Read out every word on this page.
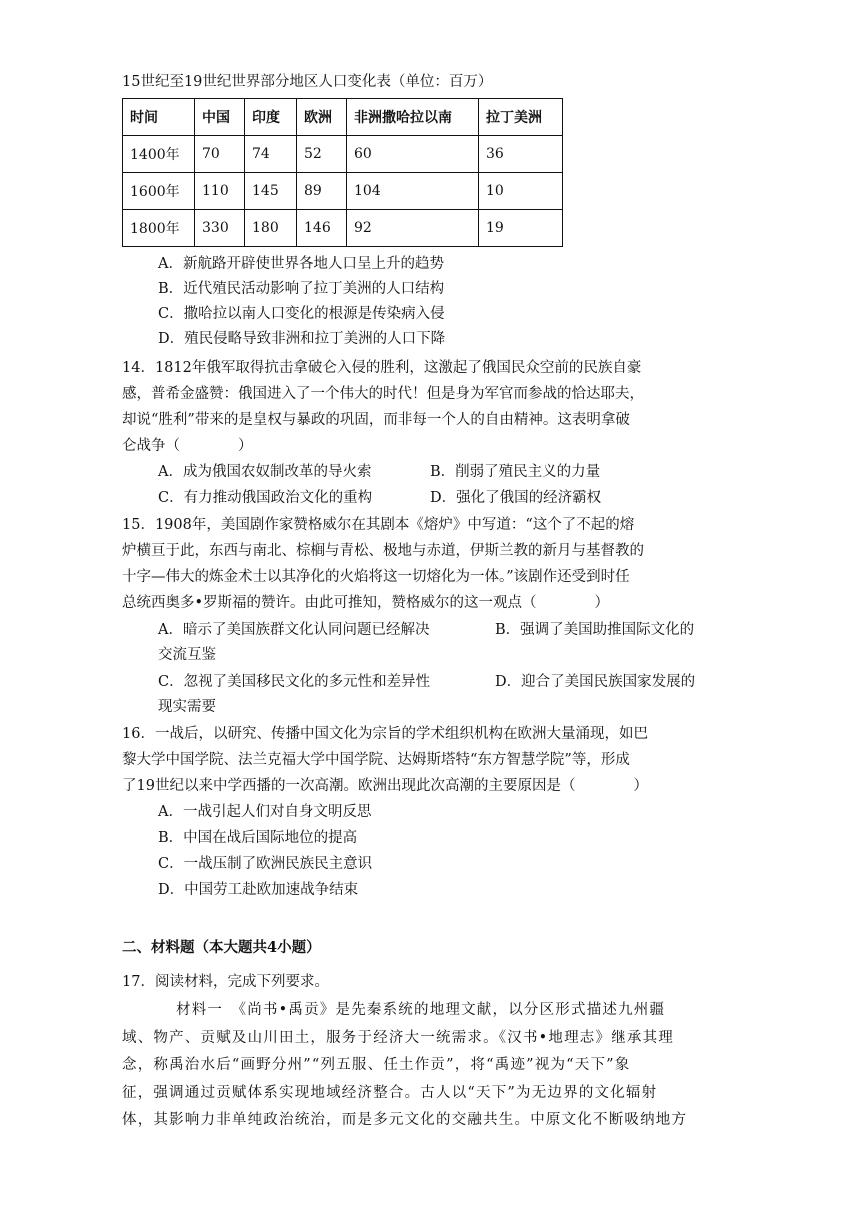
15世纪至19世纪世界部分地区人口变化表（单位：百万）
时间	中国	印度	欧洲	非洲撒哈拉以南	拉丁美洲
1400年	70	74	52	60	36
1600年	110	145	89	104	10
1800年	330	180	146	92	19
A．新航路开辟使世界各地人口呈上升的趋势
B．近代殖民活动影响了拉丁美洲的人口结构
C．撒哈拉以南人口变化的根源是传染病入侵
D．殖民侵略导致非洲和拉丁美洲的人口下降
14．1812年俄军取得抗击拿破仑入侵的胜利，这激起了俄国民众空前的民族自豪
感，普希金盛赞：俄国进入了一个伟大的时代！但是身为军官而参战的恰达耶夫，
却说“胜利”带来的是皇权与暴政的巩固，而非每一个人的自由精神。这表明拿破
仑战争（　　　　）
A．成为俄国农奴制改革的导火索	B．削弱了殖民主义的力量
C．有力推动俄国政治文化的重构	D．强化了俄国的经济霸权
15．1908年，美国剧作家赞格威尔在其剧本《熔炉》中写道：“这个了不起的熔
炉横亘于此，东西与南北、棕榈与青松、极地与赤道，伊斯兰教的新月与基督教的
十字—伟大的炼金术士以其净化的火焰将这一切熔化为一体。”该剧作还受到时任
总统西奥多•罗斯福的赞许。由此可推知，赞格威尔的这一观点（　　　　）
A．暗示了美国族群文化认同问题已经解决	B．强调了美国助推国际文化的
交流互鉴
C．忽视了美国移民文化的多元性和差异性	D．迎合了美国民族国家发展的
现实需要
16．一战后，以研究、传播中国文化为宗旨的学术组织机构在欧洲大量涌现，如巴
黎大学中国学院、法兰克福大学中国学院、达姆斯塔特“东方智慧学院”等，形成
了19世纪以来中学西播的一次高潮。欧洲出现此次高潮的主要原因是（　　　　）
A．一战引起人们对自身文明反思
B．中国在战后国际地位的提高
C．一战压制了欧洲民族民主意识
D．中国劳工赴欧加速战争结束
二、材料题（本大题共4小题）
17．阅读材料，完成下列要求。
材料一　《尚书•禹贡》是先秦系统的地理文献，以分区形式描述九州疆
域、物产、贡赋及山川田土，服务于经济大一统需求。《汉书•地理志》继承其理
念，称禹治水后“画野分州”“列五服、任土作贡”，将“禹迹”视为“天下”象
征，强调通过贡赋体系实现地域经济整合。古人以“天下”为无边界的文化辐射
体，其影响力非单纯政治统治，而是多元文化的交融共生。中原文化不断吸纳地方
